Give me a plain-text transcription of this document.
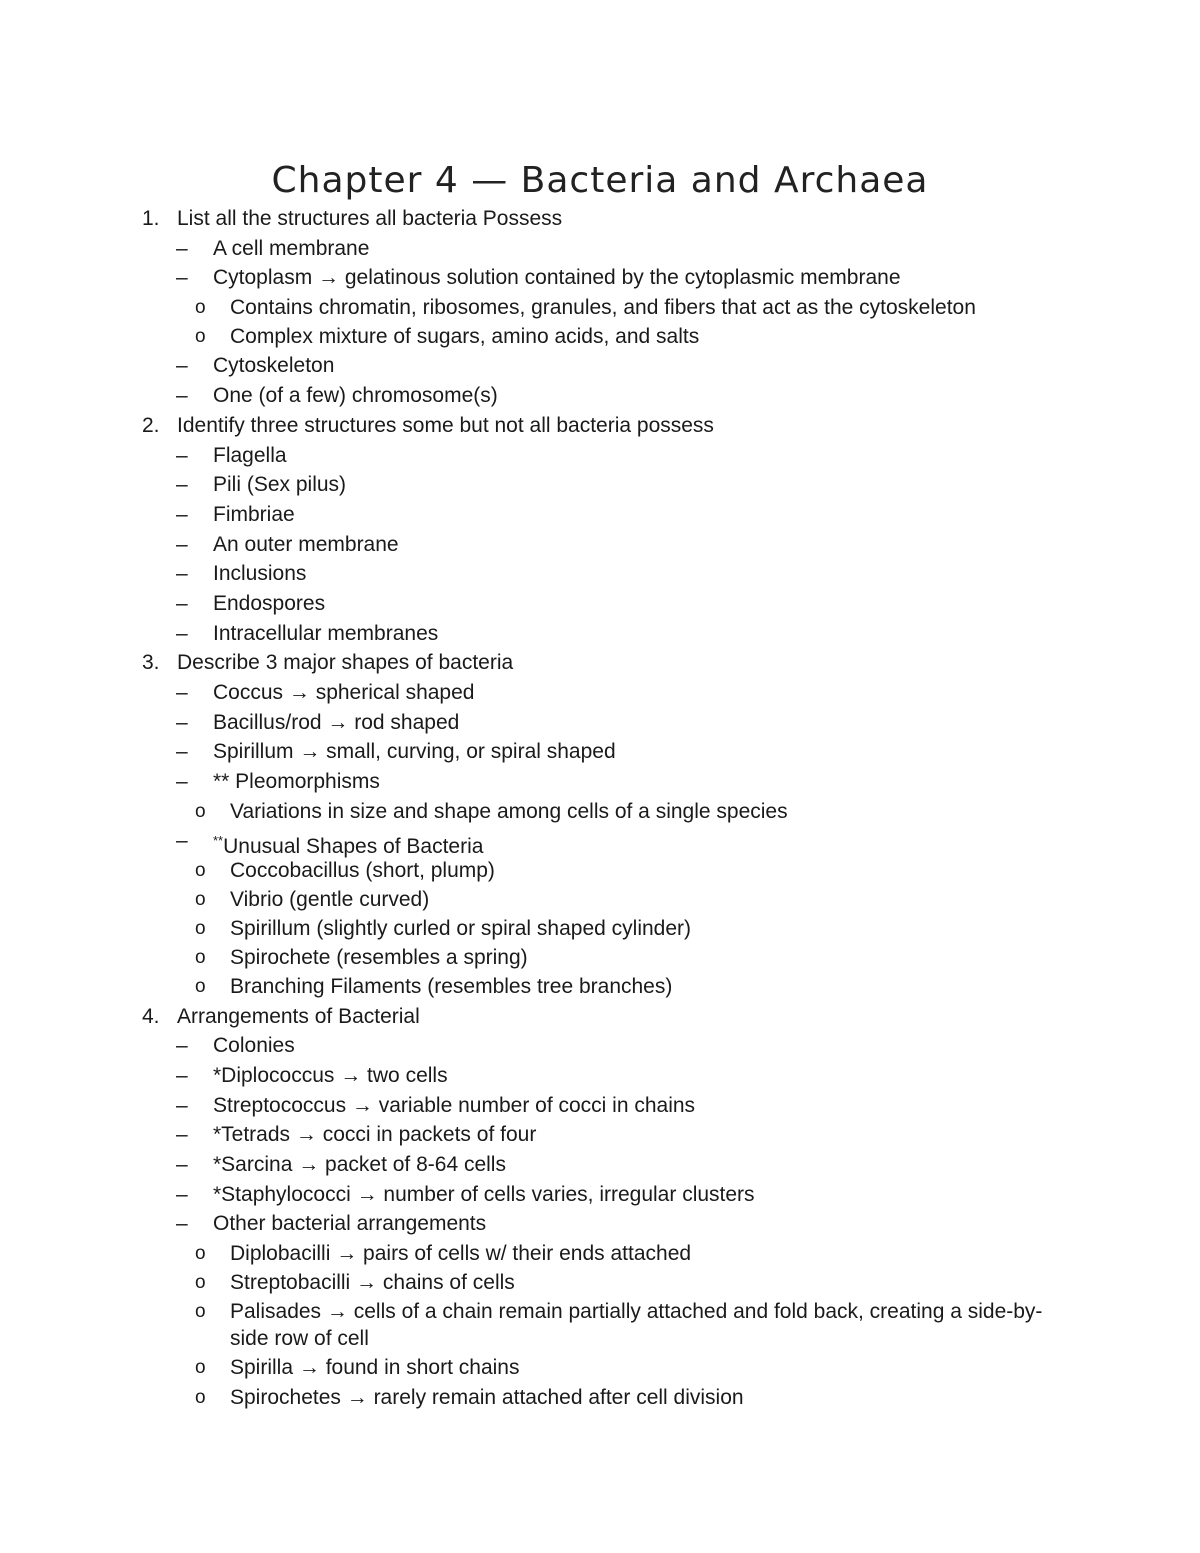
Chapter 4 — Bacteria and Archaea
1. List all the structures all bacteria Possess
– A cell membrane
– Cytoplasm → gelatinous solution contained by the cytoplasmic membrane
o Contains chromatin, ribosomes, granules, and fibers that act as the cytoskeleton
o Complex mixture of sugars, amino acids, and salts
– Cytoskeleton
– One (of a few) chromosome(s)
2. Identify three structures some but not all bacteria possess
– Flagella
– Pili (Sex pilus)
– Fimbriae
– An outer membrane
– Inclusions
– Endospores
– Intracellular membranes
3. Describe 3 major shapes of bacteria
– Coccus → spherical shaped
– Bacillus/rod → rod shaped
– Spirillum → small, curving, or spiral shaped
– ** Pleomorphisms
o Variations in size and shape among cells of a single species
– **Unusual Shapes of Bacteria
o Coccobacillus (short, plump)
o Vibrio (gentle curved)
o Spirillum (slightly curled or spiral shaped cylinder)
o Spirochete (resembles a spring)
o Branching Filaments (resembles tree branches)
4. Arrangements of Bacterial
– Colonies
– *Diplococcus → two cells
– Streptococcus → variable number of cocci in chains
– *Tetrads → cocci in packets of four
– *Sarcina → packet of 8-64 cells
– *Staphylococci → number of cells varies, irregular clusters
– Other bacterial arrangements
o Diplobacilli → pairs of cells w/ their ends attached
o Streptobacilli → chains of cells
o Palisades → cells of a chain remain partially attached and fold back, creating a side-by-side row of cell
o Spirilla → found in short chains
o Spirochetes → rarely remain attached after cell division
